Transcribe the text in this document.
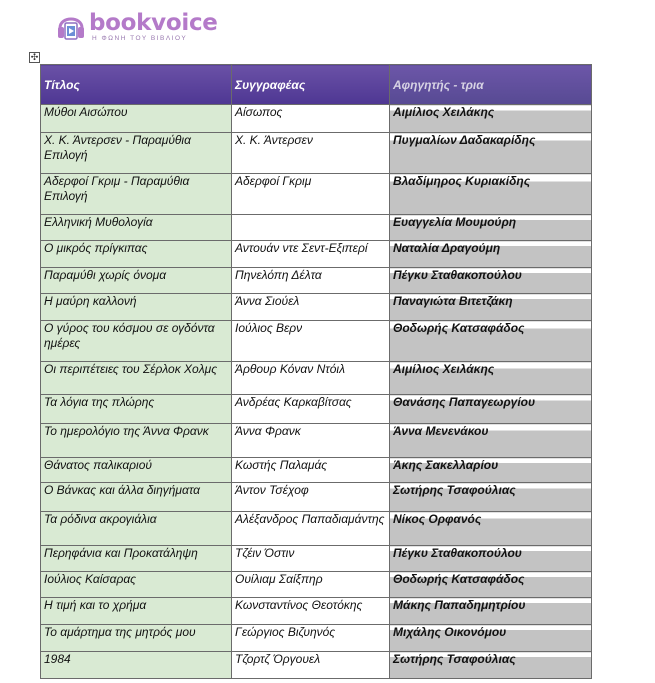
bookvoice
Η ΦΩΝΗ ΤΟΥ ΒΙΒΛΙΟΥ
✣
Τίτλος	Συγγραφέας	Αφηγητής - τρια
Μύθοι Αισώπου	Αίσωπος	Αιμίλιος Χειλάκης
Χ. Κ. Άντερσεν - Παραμύθια Επιλογή	Χ. Κ. Άντερσεν	Πυγμαλίων Δαδακαρίδης
Αδερφοί Γκριμ - Παραμύθια Επιλογή	Αδερφοί Γκριμ	Βλαδίμηρος Κυριακίδης
Ελληνική Μυθολογία		Ευαγγελία Μουμούρη
Ο μικρός πρίγκιπας	Αντουάν ντε Σεντ-Εξιπερί	Ναταλία Δραγούμη
Παραμύθι χωρίς όνομα	Πηνελόπη Δέλτα	Πέγκυ Σταθακοπούλου
Η μαύρη καλλονή	Άννα Σιούελ	Παναγιώτα Βιτετζάκη
Ο γύρος του κόσμου σε ογδόντα ημέρες	Ιούλιος Βερν	Θοδωρής Κατσαφάδος
Οι περιπέτειες του Σέρλοκ Χολμς	Άρθουρ Κόναν Ντόιλ	Αιμίλιος Χειλάκης
Τα λόγια της πλώρης	Ανδρέας Καρκαβίτσας	Θανάσης Παπαγεωργίου
Το ημερολόγιο της Άννα Φρανκ	Άννα Φρανκ	Άννα Μενενάκου
Θάνατος παλικαριού	Κωστής Παλαμάς	Άκης Σακελλαρίου
Ο Βάνκας και άλλα διηγήματα	Άντον Τσέχοφ	Σωτήρης Τσαφούλιας
Τα ρόδινα ακρογιάλια	Αλέξανδρος Παπαδιαμάντης	Νίκος Ορφανός
Περηφάνια και Προκατάληψη	Τζέιν Όστιν	Πέγκυ Σταθακοπούλου
Ιούλιος Καίσαρας	Ουίλιαμ Σαίξπηρ	Θοδωρής Κατσαφάδος
Η τιμή και το χρήμα	Κωνσταντίνος Θεοτόκης	Μάκης Παπαδημητρίου
Το αμάρτημα της μητρός μου	Γεώργιος Βιζυηνός	Μιχάλης Οικονόμου
1984	Τζορτζ Όργουελ	Σωτήρης Τσαφούλιας
